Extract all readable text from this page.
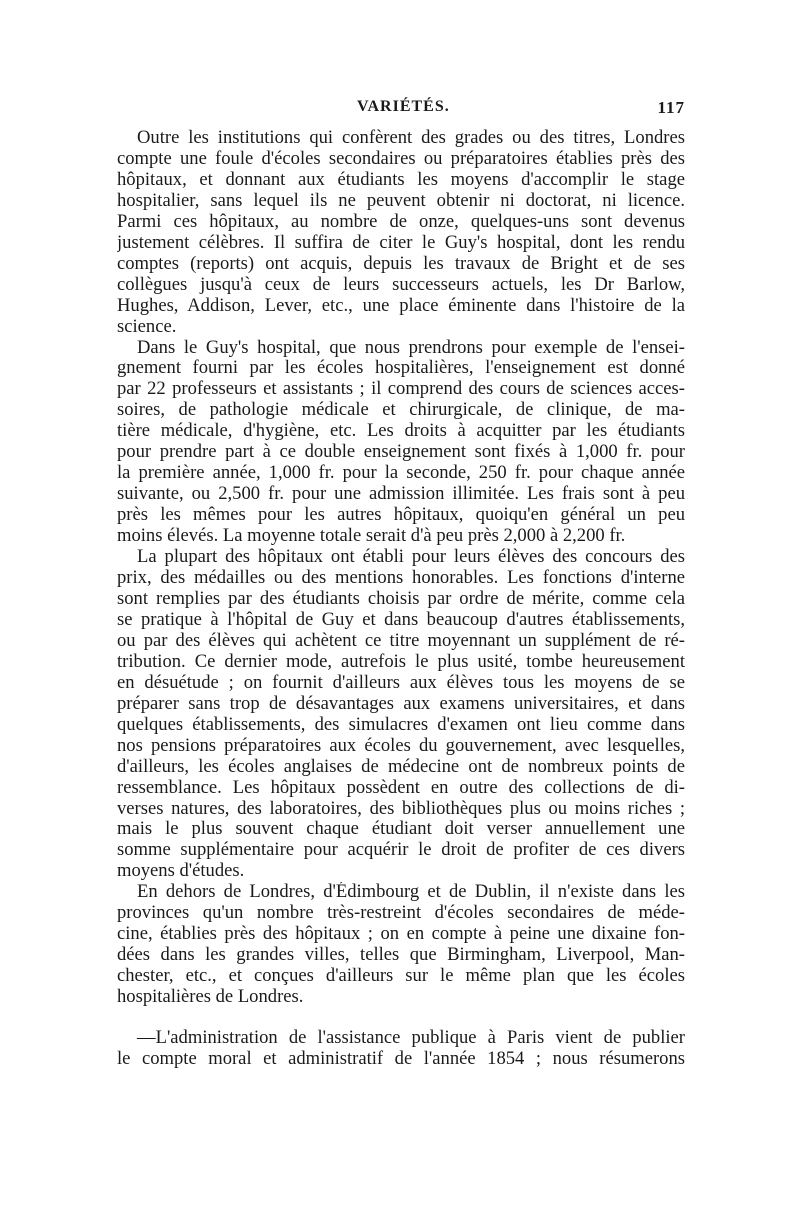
VARIÉTÉS.	117
Outre les institutions qui confèrent des grades ou des titres, Londres
compte une foule d'écoles secondaires ou préparatoires établies près des
hôpitaux, et donnant aux étudiants les moyens d'accomplir le stage
hospitalier, sans lequel ils ne peuvent obtenir ni doctorat, ni licence.
Parmi ces hôpitaux, au nombre de onze, quelques-uns sont devenus
justement célèbres. Il suffira de citer le Guy's hospital, dont les rendu
comptes (reports) ont acquis, depuis les travaux de Bright et de ses
collègues jusqu'à ceux de leurs successeurs actuels, les Dr Barlow,
Hughes, Addison, Lever, etc., une place éminente dans l'histoire de la
science.
Dans le Guy's hospital, que nous prendrons pour exemple de l'ensei-
gnement fourni par les écoles hospitalières, l'enseignement est donné
par 22 professeurs et assistants ; il comprend des cours de sciences acces-
soires, de pathologie médicale et chirurgicale, de clinique, de ma-
tière médicale, d'hygiène, etc. Les droits à acquitter par les étudiants
pour prendre part à ce double enseignement sont fixés à 1,000 fr. pour
la première année, 1,000 fr. pour la seconde, 250 fr. pour chaque année
suivante, ou 2,500 fr. pour une admission illimitée. Les frais sont à peu
près les mêmes pour les autres hôpitaux, quoiqu'en général un peu
moins élevés. La moyenne totale serait d'à peu près 2,000 à 2,200 fr.
La plupart des hôpitaux ont établi pour leurs élèves des concours des
prix, des médailles ou des mentions honorables. Les fonctions d'interne
sont remplies par des étudiants choisis par ordre de mérite, comme cela
se pratique à l'hôpital de Guy et dans beaucoup d'autres établissements,
ou par des élèves qui achètent ce titre moyennant un supplément de ré-
tribution. Ce dernier mode, autrefois le plus usité, tombe heureusement
en désuétude ; on fournit d'ailleurs aux élèves tous les moyens de se
préparer sans trop de désavantages aux examens universitaires, et dans
quelques établissements, des simulacres d'examen ont lieu comme dans
nos pensions préparatoires aux écoles du gouvernement, avec lesquelles,
d'ailleurs, les écoles anglaises de médecine ont de nombreux points de
ressemblance. Les hôpitaux possèdent en outre des collections de di-
verses natures, des laboratoires, des bibliothèques plus ou moins riches ;
mais le plus souvent chaque étudiant doit verser annuellement une
somme supplémentaire pour acquérir le droit de profiter de ces divers
moyens d'études.
En dehors de Londres, d'Édimbourg et de Dublin, il n'existe dans les
provinces qu'un nombre très-restreint d'écoles secondaires de méde-
cine, établies près des hôpitaux ; on en compte à peine une dixaine fon-
dées dans les grandes villes, telles que Birmingham, Liverpool, Man-
chester, etc., et conçues d'ailleurs sur le même plan que les écoles
hospitalières de Londres.
—L'administration de l'assistance publique à Paris vient de publier
le compte moral et administratif de l'année 1854 ; nous résumerons
